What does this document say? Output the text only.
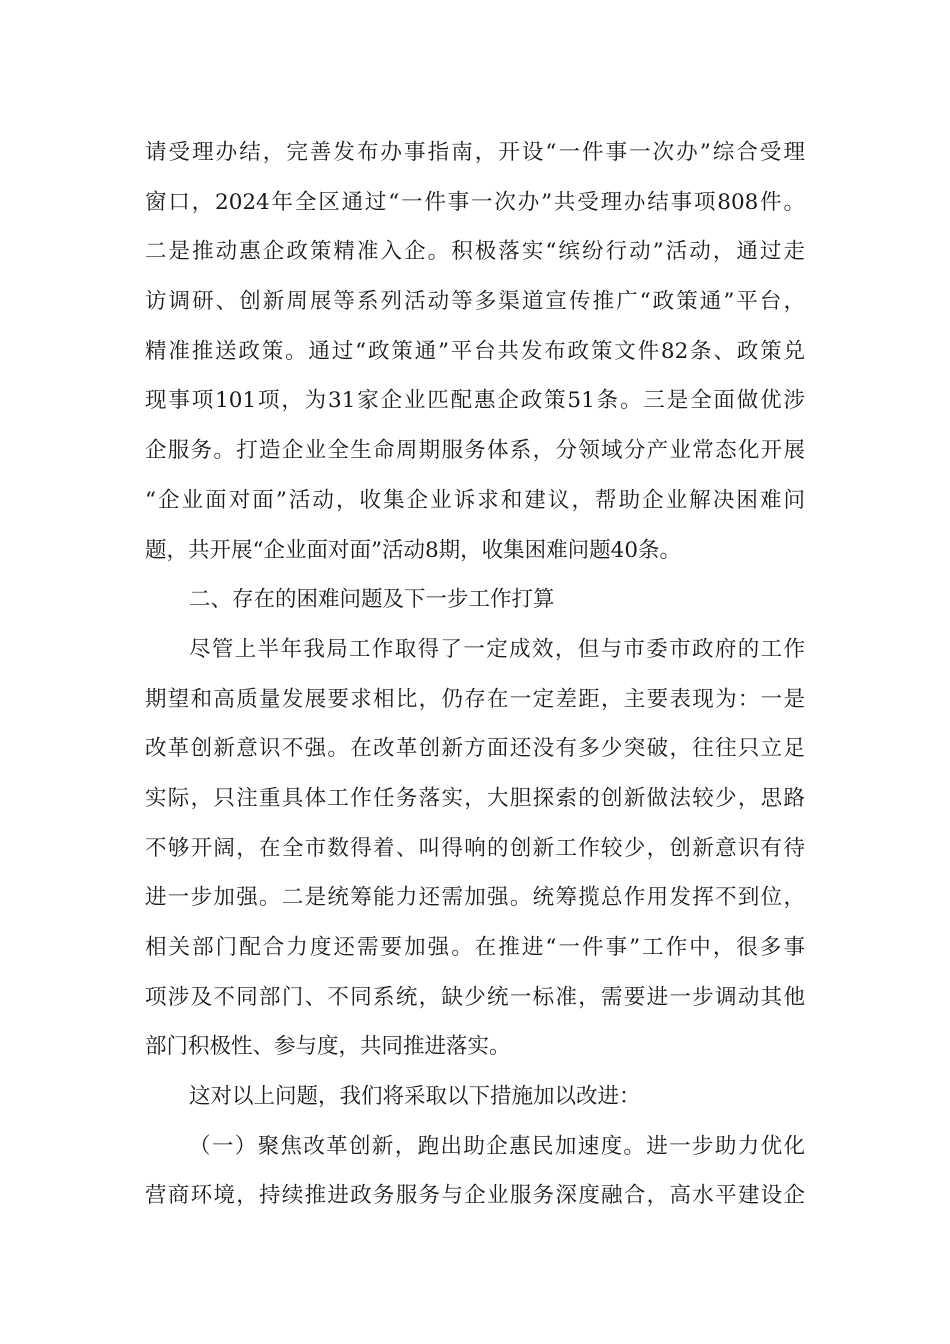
请受理办结，完善发布办事指南，开设“一件事一次办”综合受理
窗口，2024年全区通过“一件事一次办”共受理办结事项808件。
二是推动惠企政策精准入企。积极落实“缤纷行动”活动，通过走
访调研、创新周展等系列活动等多渠道宣传推广“政策通”平台，
精准推送政策。通过“政策通”平台共发布政策文件82条、政策兑
现事项101项，为31家企业匹配惠企政策51条。三是全面做优涉
企服务。打造企业全生命周期服务体系，分领域分产业常态化开展
“企业面对面”活动，收集企业诉求和建议，帮助企业解决困难问
题，共开展“企业面对面”活动8期，收集困难问题40条。
二、存在的困难问题及下一步工作打算
尽管上半年我局工作取得了一定成效，但与市委市政府的工作
期望和高质量发展要求相比，仍存在一定差距，主要表现为：一是
改革创新意识不强。在改革创新方面还没有多少突破，往往只立足
实际，只注重具体工作任务落实，大胆探索的创新做法较少，思路
不够开阔，在全市数得着、叫得响的创新工作较少，创新意识有待
进一步加强。二是统筹能力还需加强。统筹揽总作用发挥不到位，
相关部门配合力度还需要加强。在推进“一件事”工作中，很多事
项涉及不同部门、不同系统，缺少统一标准，需要进一步调动其他
部门积极性、参与度，共同推进落实。
这对以上问题，我们将采取以下措施加以改进：
（一）聚焦改革创新，跑出助企惠民加速度。进一步助力优化
营商环境，持续推进政务服务与企业服务深度融合，高水平建设企
